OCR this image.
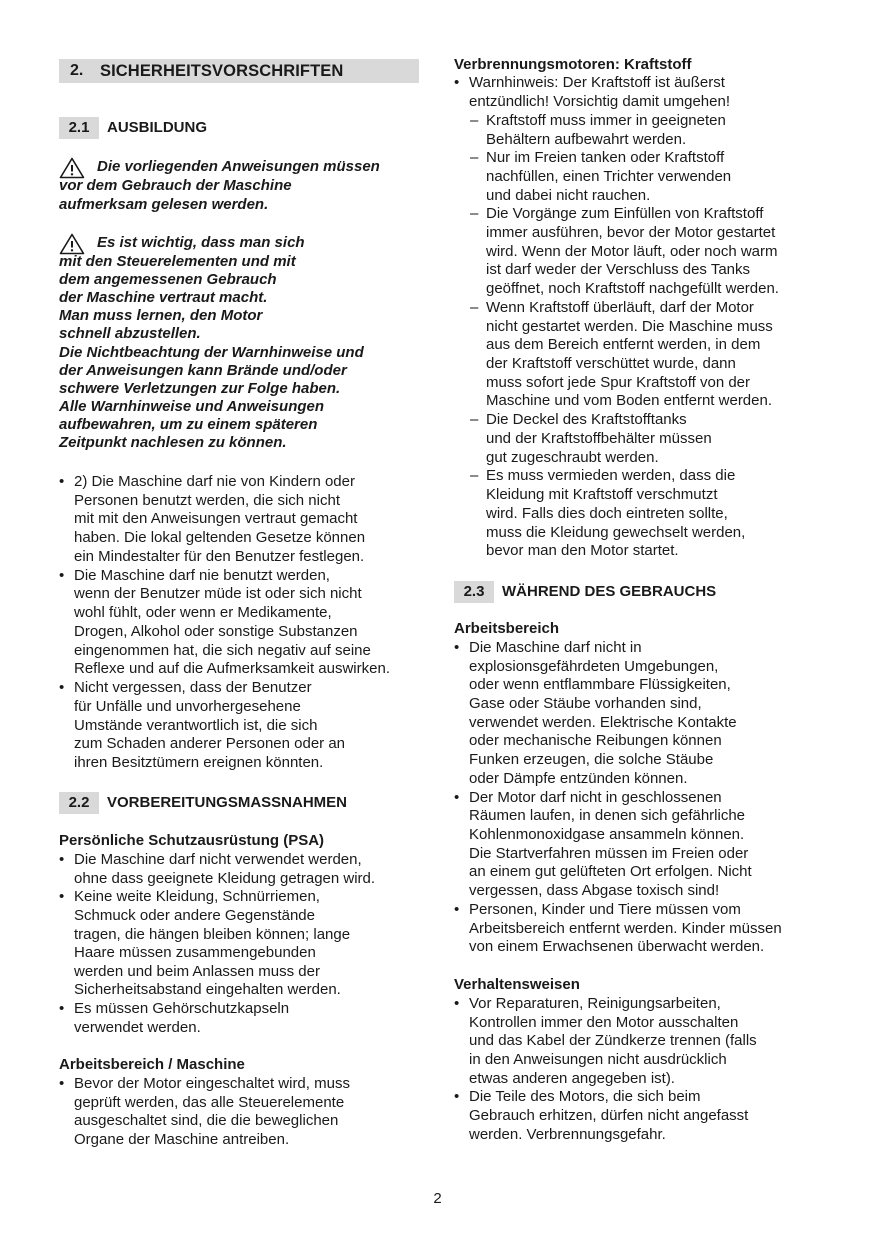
2. SICHERHEITSVORSCHRIFTEN
2.1	AUSBILDUNG
Die vorliegenden Anweisungen müssen
vor dem Gebrauch der Maschine
aufmerksam gelesen werden.
Es ist wichtig, dass man sich
mit den Steuerelementen und mit
dem angemessenen Gebrauch
der Maschine vertraut macht.
Man muss lernen, den Motor
schnell abzustellen.
Die Nichtbeachtung der Warnhinweise und
der Anweisungen kann Brände und/oder
schwere Verletzungen zur Folge haben.
Alle Warnhinweise und Anweisungen
aufbewahren, um zu einem späteren
Zeitpunkt nachlesen zu können.
• 2) Die Maschine darf nie von Kindern oder
Personen benutzt werden, die sich nicht
mit mit den Anweisungen vertraut gemacht
haben. Die lokal geltenden Gesetze können
ein Mindestalter für den Benutzer festlegen.
• Die Maschine darf nie benutzt werden,
wenn der Benutzer müde ist oder sich nicht
wohl fühlt, oder wenn er Medikamente,
Drogen, Alkohol oder sonstige Substanzen
eingenommen hat, die sich negativ auf seine
Reflexe und auf die Aufmerksamkeit auswirken.
• Nicht vergessen, dass der Benutzer
für Unfälle und unvorhergesehene
Umstände verantwortlich ist, die sich
zum Schaden anderer Personen oder an
ihren Besitztümern ereignen könnten.
2.2	VORBEREITUNGSMASSNAHMEN
Persönliche Schutzausrüstung (PSA)
• Die Maschine darf nicht verwendet werden,
ohne dass geeignete Kleidung getragen wird.
• Keine weite Kleidung, Schnürriemen,
Schmuck oder andere Gegenstände
tragen, die hängen bleiben können; lange
Haare müssen zusammengebunden
werden und beim Anlassen muss der
Sicherheitsabstand eingehalten werden.
• Es müssen Gehörschutzkapseln
verwendet werden.
Arbeitsbereich / Maschine
• Bevor der Motor eingeschaltet wird, muss
geprüft werden, das alle Steuerelemente
ausgeschaltet sind, die die beweglichen
Organe der Maschine antreiben.
Verbrennungsmotoren: Kraftstoff
• Warnhinweis: Der Kraftstoff ist äußerst
entzündlich! Vorsichtig damit umgehen!
– Kraftstoff muss immer in geeigneten
Behältern aufbewahrt werden.
– Nur im Freien tanken oder Kraftstoff
nachfüllen, einen Trichter verwenden
und dabei nicht rauchen.
– Die Vorgänge zum Einfüllen von Kraftstoff
immer ausführen, bevor der Motor gestartet
wird. Wenn der Motor läuft, oder noch warm
ist darf weder der Verschluss des Tanks
geöffnet, noch Kraftstoff nachgefüllt werden.
– Wenn Kraftstoff überläuft, darf der Motor
nicht gestartet werden. Die Maschine muss
aus dem Bereich entfernt werden, in dem
der Kraftstoff verschüttet wurde, dann
muss sofort jede Spur Kraftstoff von der
Maschine und vom Boden entfernt werden.
– Die Deckel des Kraftstofftanks
und der Kraftstoffbehälter müssen
gut zugeschraubt werden.
– Es muss vermieden werden, dass die
Kleidung mit Kraftstoff verschmutzt
wird. Falls dies doch eintreten sollte,
muss die Kleidung gewechselt werden,
bevor man den Motor startet.
2.3	WÄHREND DES GEBRAUCHS
Arbeitsbereich
• Die Maschine darf nicht in
explosionsgefährdeten Umgebungen,
oder wenn entflammbare Flüssigkeiten,
Gase oder Stäube vorhanden sind,
verwendet werden. Elektrische Kontakte
oder mechanische Reibungen können
Funken erzeugen, die solche Stäube
oder Dämpfe entzünden können.
• Der Motor darf nicht in geschlossenen
Räumen laufen, in denen sich gefährliche
Kohlenmonoxidgase ansammeln können.
Die Startverfahren müssen im Freien oder
an einem gut gelüfteten Ort erfolgen. Nicht
vergessen, dass Abgase toxisch sind!
• Personen, Kinder und Tiere müssen vom
Arbeitsbereich entfernt werden. Kinder müssen
von einem Erwachsenen überwacht werden.
Verhaltensweisen
• Vor Reparaturen, Reinigungsarbeiten,
Kontrollen immer den Motor ausschalten
und das Kabel der Zündkerze trennen (falls
in den Anweisungen nicht ausdrücklich
etwas anderen angegeben ist).
• Die Teile des Motors, die sich beim
Gebrauch erhitzen, dürfen nicht angefasst
werden. Verbrennungsgefahr.
2
